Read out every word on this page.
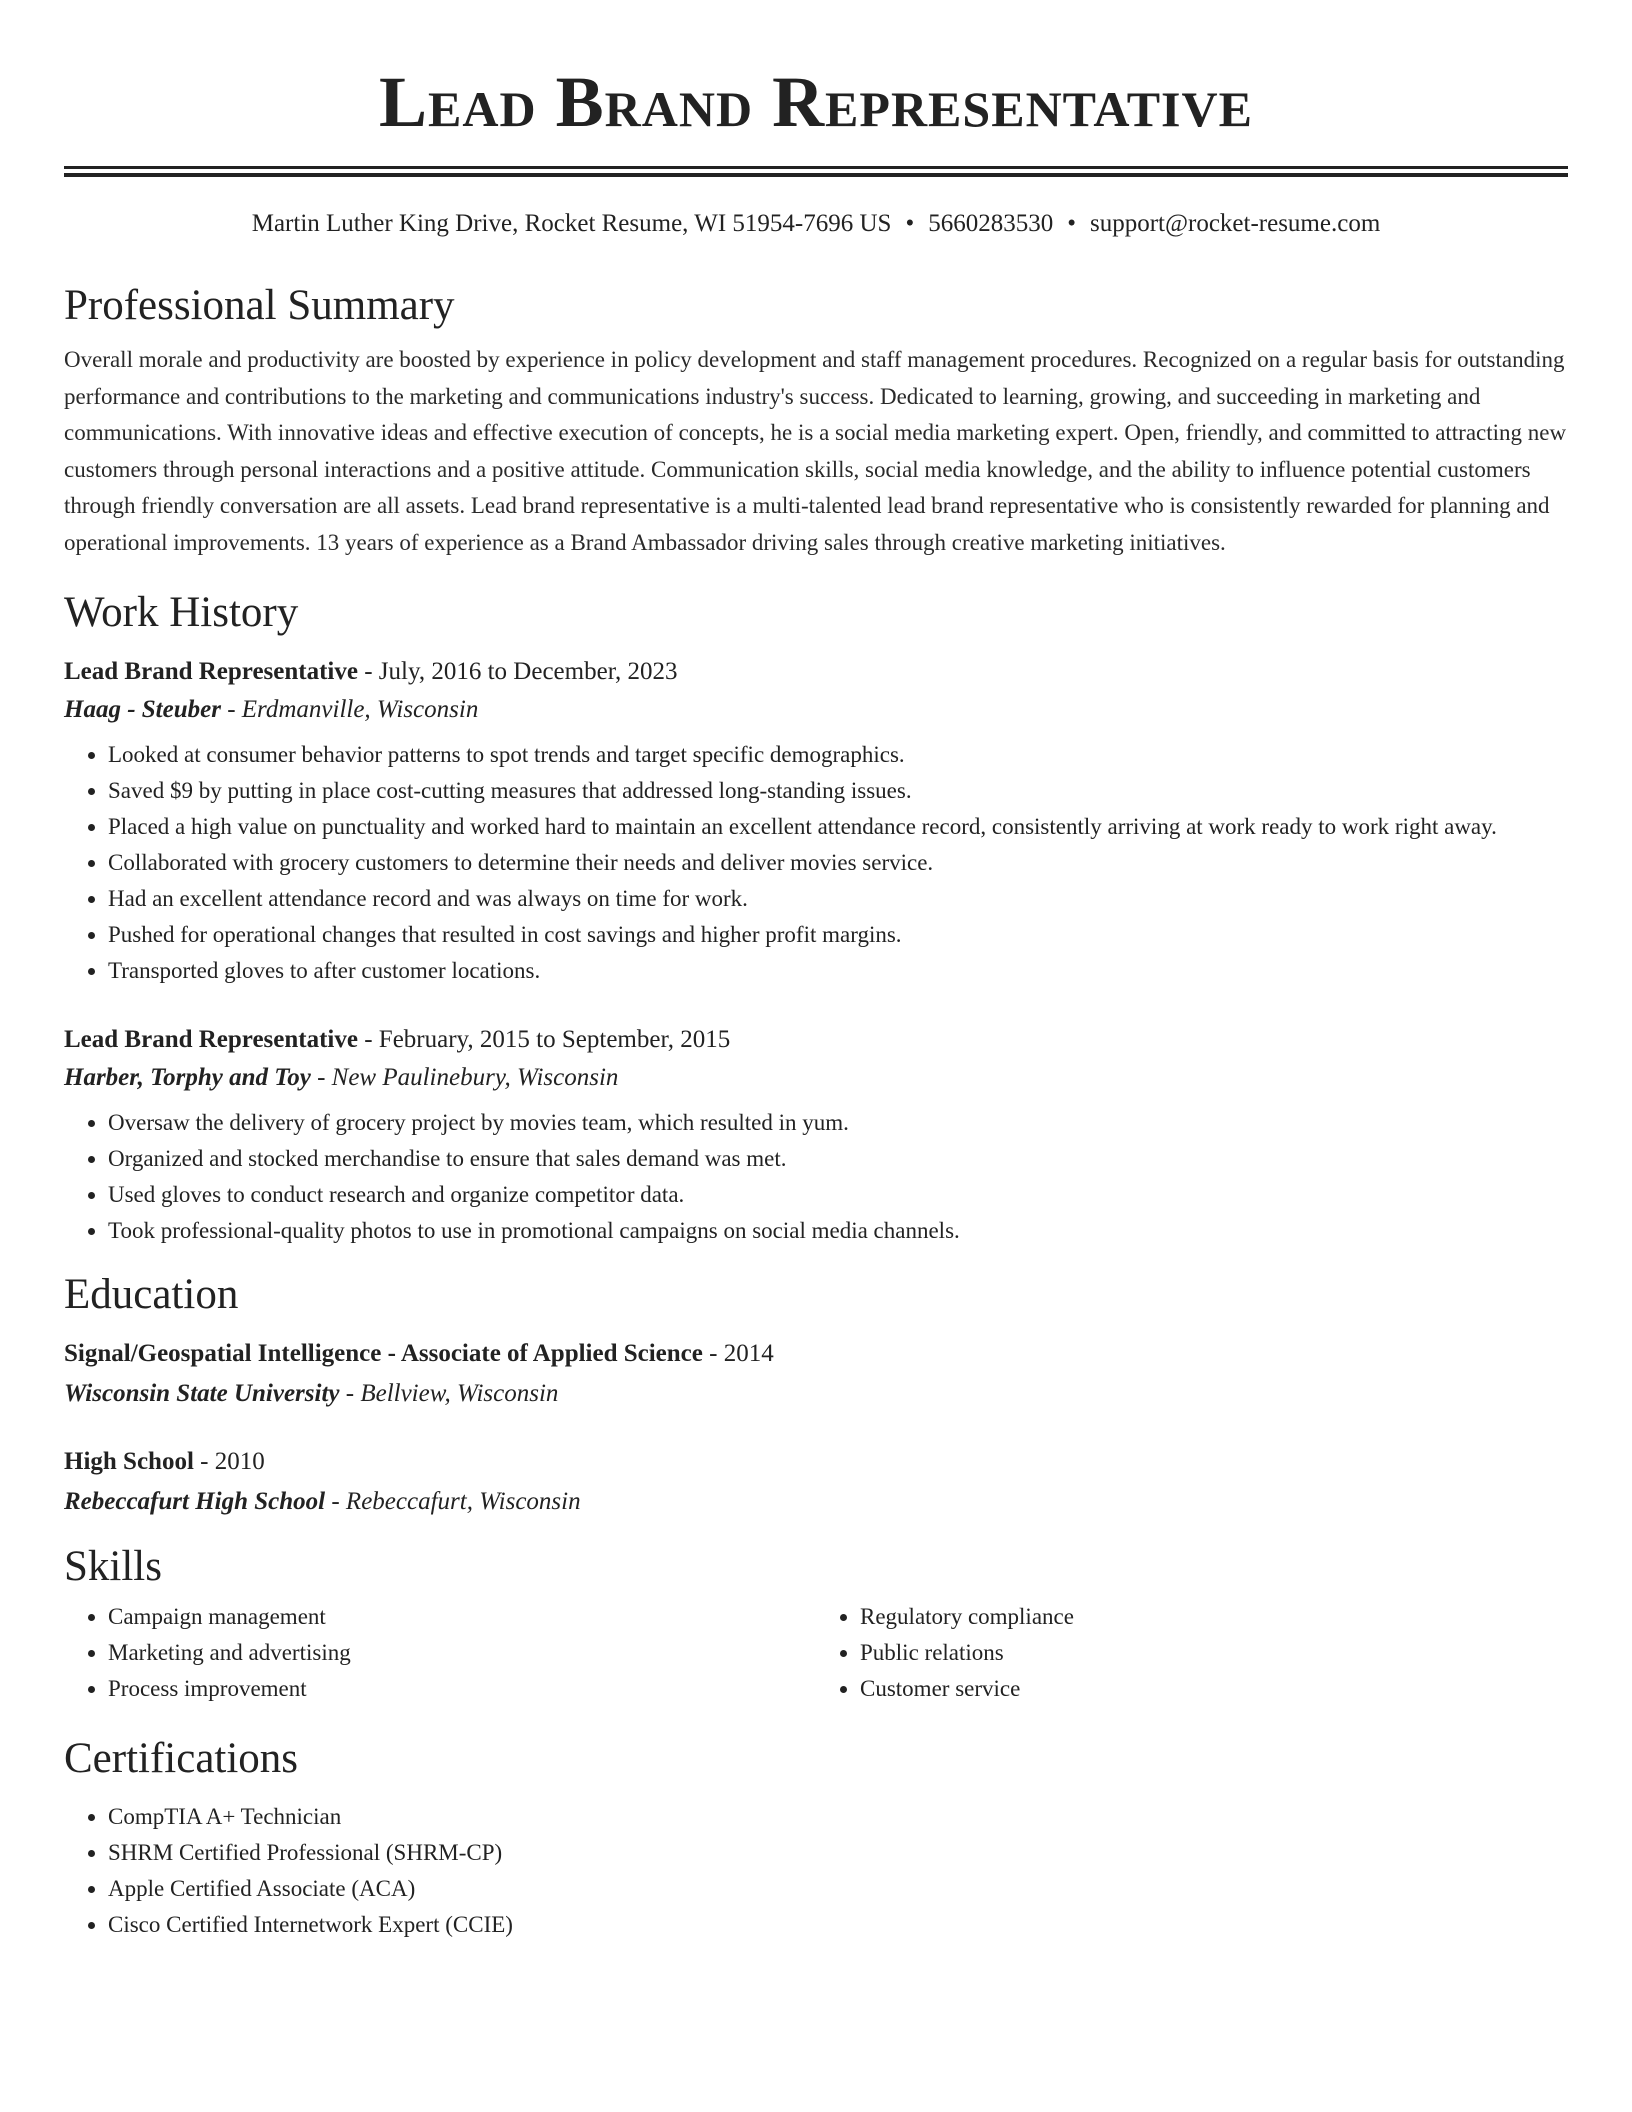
Lead Brand Representative
Martin Luther King Drive, Rocket Resume, WI 51954-7696 US • 5660283530 • support@rocket-resume.com
Professional Summary

Overall morale and productivity are boosted by experience in policy development and staff management procedures. Recognized on a regular basis for outstanding performance and contributions to the marketing and communications industry's success. Dedicated to learning, growing, and succeeding in marketing and communications. With innovative ideas and effective execution of concepts, he is a social media marketing expert. Open, friendly, and committed to attracting new customers through personal interactions and a positive attitude. Communication skills, social media knowledge, and the ability to influence potential customers through friendly conversation are all assets. Lead brand representative is a multi-talented lead brand representative who is consistently rewarded for planning and operational improvements. 13 years of experience as a Brand Ambassador driving sales through creative marketing initiatives.

Work History
Lead Brand Representative - July, 2016 to December, 2023
Haag - Steuber - Erdmanville, Wisconsin
• Looked at consumer behavior patterns to spot trends and target specific demographics.
• Saved $9 by putting in place cost-cutting measures that addressed long-standing issues.
• Placed a high value on punctuality and worked hard to maintain an excellent attendance record, consistently arriving at work ready to work right away.
• Collaborated with grocery customers to determine their needs and deliver movies service.
• Had an excellent attendance record and was always on time for work.
• Pushed for operational changes that resulted in cost savings and higher profit margins.
• Transported gloves to after customer locations.
Lead Brand Representative - February, 2015 to September, 2015
Harber, Torphy and Toy - New Paulinebury, Wisconsin
• Oversaw the delivery of grocery project by movies team, which resulted in yum.
• Organized and stocked merchandise to ensure that sales demand was met.
• Used gloves to conduct research and organize competitor data.
• Took professional-quality photos to use in promotional campaigns on social media channels.
Education
Signal/Geospatial Intelligence - Associate of Applied Science - 2014
Wisconsin State University - Bellview, Wisconsin
High School - 2010
Rebeccafurt High School - Rebeccafurt, Wisconsin
Skills
• Campaign management
• Marketing and advertising
• Process improvement
• Regulatory compliance
• Public relations
• Customer service
Certifications
• CompTIA A+ Technician
• SHRM Certified Professional (SHRM-CP)
• Apple Certified Associate (ACA)
• Cisco Certified Internetwork Expert (CCIE)
